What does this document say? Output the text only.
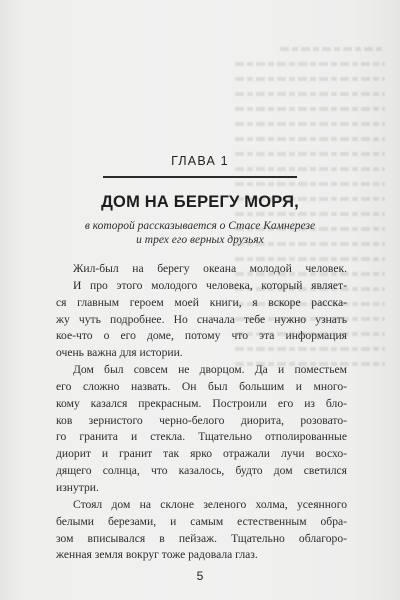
ГЛАВА 1
ДОМ НА БЕРЕГУ МОРЯ,
в которой рассказывается о Стасе Камнерезе
и трех его верных друзьях
Жил-был на берегу океана молодой человек.
И про этого молодого человека, который являет-
ся главным героем моей книги, я вскоре расска-
жу чуть подробнее. Но сначала тебе нужно узнать
кое-что о его доме, потому что эта информация
очень важна для истории.
Дом был совсем не дворцом. Да и поместьем
его сложно назвать. Он был большим и много-
кому казался прекрасным. Построили его из бло-
ков зернистого черно-белого диорита, розовато-
го гранита и стекла. Тщательно отполированные
диорит и гранит так ярко отражали лучи восхо-
дящего солнца, что казалось, будто дом светился
изнутри.
Стоял дом на склоне зеленого холма, усеянного
белыми березами, и самым естественным обра-
зом вписывался в пейзаж. Тщательно облагоро-
женная земля вокруг тоже радовала глаз.
5
